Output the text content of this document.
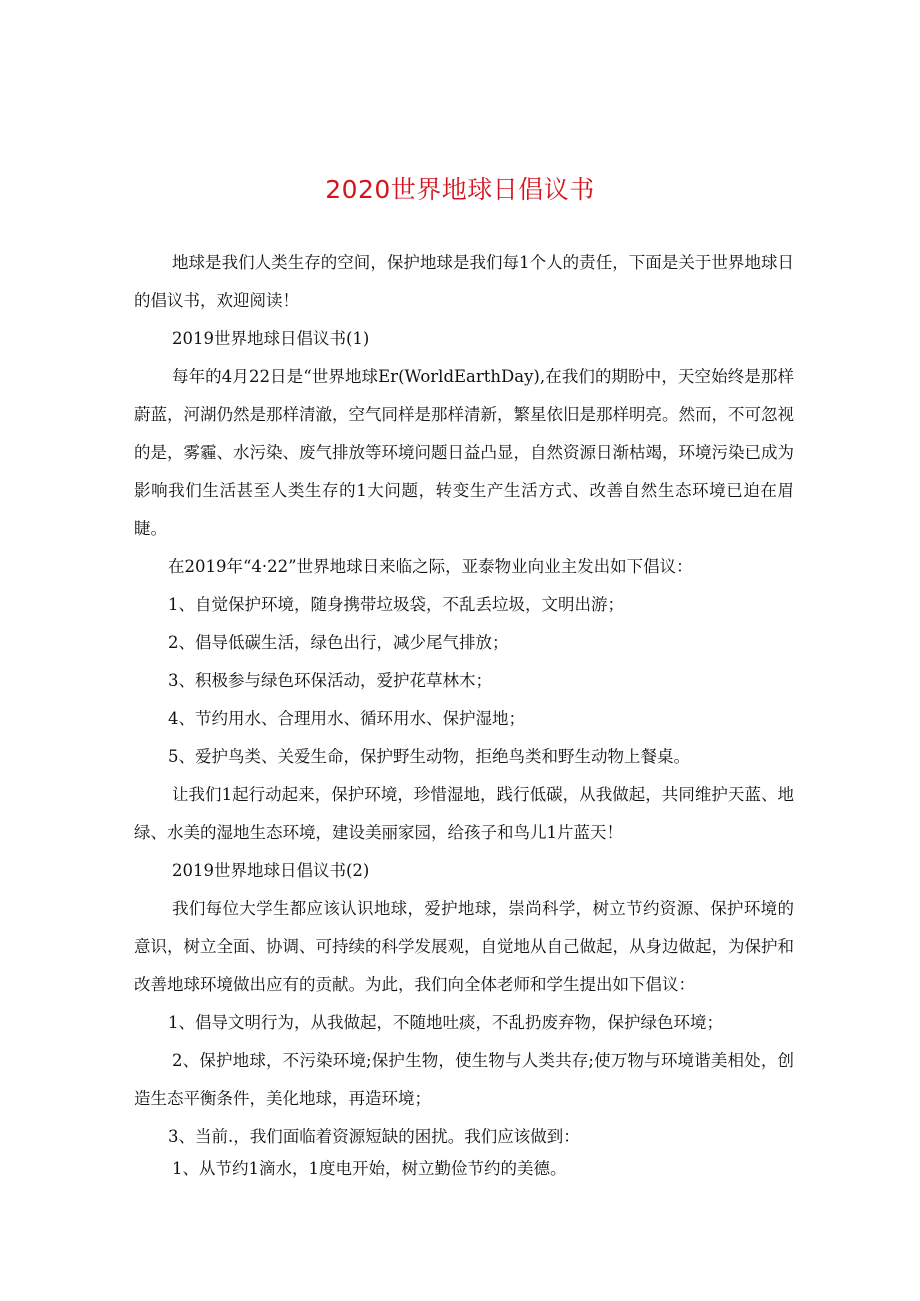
2020世界地球日倡议书

地球是我们人类生存的空间，保护地球是我们每1个人的责任，下面是关于世界地球日的倡议书，欢迎阅读！

2019世界地球日倡议书(1)

每年的4月22日是“世界地球Er(WorldEarthDay),在我们的期盼中，天空始终是那样蔚蓝，河湖仍然是那样清澈，空气同样是那样清新，繁星依旧是那样明亮。然而，不可忽视的是，雾霾、水污染、废气排放等环境问题日益凸显，自然资源日渐枯竭，环境污染已成为影响我们生活甚至人类生存的1大问题，转变生产生活方式、改善自然生态环境已迫在眉睫。

在2019年“4·22”世界地球日来临之际，亚泰物业向业主发出如下倡议：

1、自觉保护环境，随身携带垃圾袋，不乱丢垃圾，文明出游；

2、倡导低碳生活，绿色出行，减少尾气排放；

3、积极参与绿色环保活动，爱护花草林木；

4、节约用水、合理用水、循环用水、保护湿地；

5、爱护鸟类、关爱生命，保护野生动物，拒绝鸟类和野生动物上餐桌。

让我们1起行动起来，保护环境，珍惜湿地，践行低碳，从我做起，共同维护天蓝、地绿、水美的湿地生态环境，建设美丽家园，给孩子和鸟儿1片蓝天！

2019世界地球日倡议书(2)

我们每位大学生都应该认识地球，爱护地球，崇尚科学，树立节约资源、保护环境的意识，树立全面、协调、可持续的科学发展观，自觉地从自己做起，从身边做起，为保护和改善地球环境做出应有的贡献。为此，我们向全体老师和学生提出如下倡议：

1、倡导文明行为，从我做起，不随地吐痰，不乱扔废弃物，保护绿色环境；

2、保护地球，不污染环境;保护生物，使生物与人类共存;使万物与环境谐美相处，创造生态平衡条件，美化地球，再造环境；

3、当前.，我们面临着资源短缺的困扰。我们应该做到：

1、从节约1滴水，1度电开始，树立勤俭节约的美德。
